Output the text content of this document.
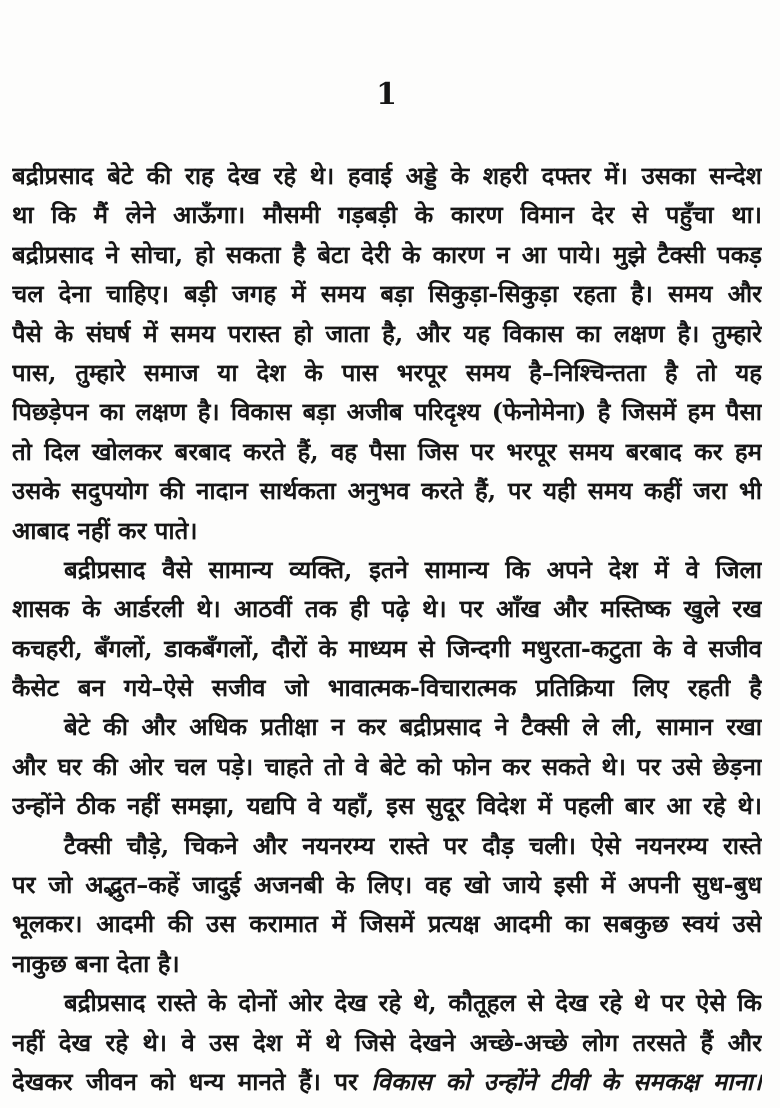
1
बद्रीप्रसाद बेटे की राह देख रहे थे। हवाई अड्डे के शहरी दफ्तर में। उसका सन्देश
था कि मैं लेने आऊँगा। मौसमी गड़बड़ी के कारण विमान देर से पहुँचा था।
बद्रीप्रसाद ने सोचा, हो सकता है बेटा देरी के कारण न आ पाये। मुझे टैक्सी पकड़
चल देना चाहिए। बड़ी जगह में समय बड़ा सिकुड़ा-सिकुड़ा रहता है। समय और
पैसे के संघर्ष में समय परास्त हो जाता है, और यह विकास का लक्षण है। तुम्हारे
पास, तुम्हारे समाज या देश के पास भरपूर समय है–निश्चिन्तता है तो यह
पिछड़ेपन का लक्षण है। विकास बड़ा अजीब परिदृश्य (फेनोमेना) है जिसमें हम पैसा
तो दिल खोलकर बरबाद करते हैं, वह पैसा जिस पर भरपूर समय बरबाद कर हम
उसके सदुपयोग की नादान सार्थकता अनुभव करते हैं, पर यही समय कहीं जरा भी
आबाद नहीं कर पाते।
बद्रीप्रसाद वैसे सामान्य व्यक्ति, इतने सामान्य कि अपने देश में वे जिला
शासक के आर्डरली थे। आठवीं तक ही पढ़े थे। पर आँख और मस्तिष्क खुले रख
कचहरी, बँगलों, डाकबँगलों, दौरों के माध्यम से जिन्दगी मधुरता-कटुता के वे सजीव
कैसेट बन गये–ऐसे सजीव जो भावात्मक-विचारात्मक प्रतिक्रिया लिए रहती है
बेटे की और अधिक प्रतीक्षा न कर बद्रीप्रसाद ने टैक्सी ले ली, सामान रखा
और घर की ओर चल पड़े। चाहते तो वे बेटे को फोन कर सकते थे। पर उसे छेड़ना
उन्होंने ठीक नहीं समझा, यद्यपि वे यहाँ, इस सुदूर विदेश में पहली बार आ रहे थे।
टैक्सी चौड़े, चिकने और नयनरम्य रास्ते पर दौड़ चली। ऐसे नयनरम्य रास्ते
पर जो अद्भुत–कहें जादुई अजनबी के लिए। वह खो जाये इसी में अपनी सुध-बुध
भूलकर। आदमी की उस करामात में जिसमें प्रत्यक्ष आदमी का सबकुछ स्वयं उसे
नाकुछ बना देता है।
बद्रीप्रसाद रास्ते के दोनों ओर देख रहे थे, कौतूहल से देख रहे थे पर ऐसे कि
नहीं देख रहे थे। वे उस देश में थे जिसे देखने अच्छे-अच्छे लोग तरसते हैं और
देखकर जीवन को धन्य मानते हैं। पर विकास को उन्होंने टीवी के समकक्ष माना।
